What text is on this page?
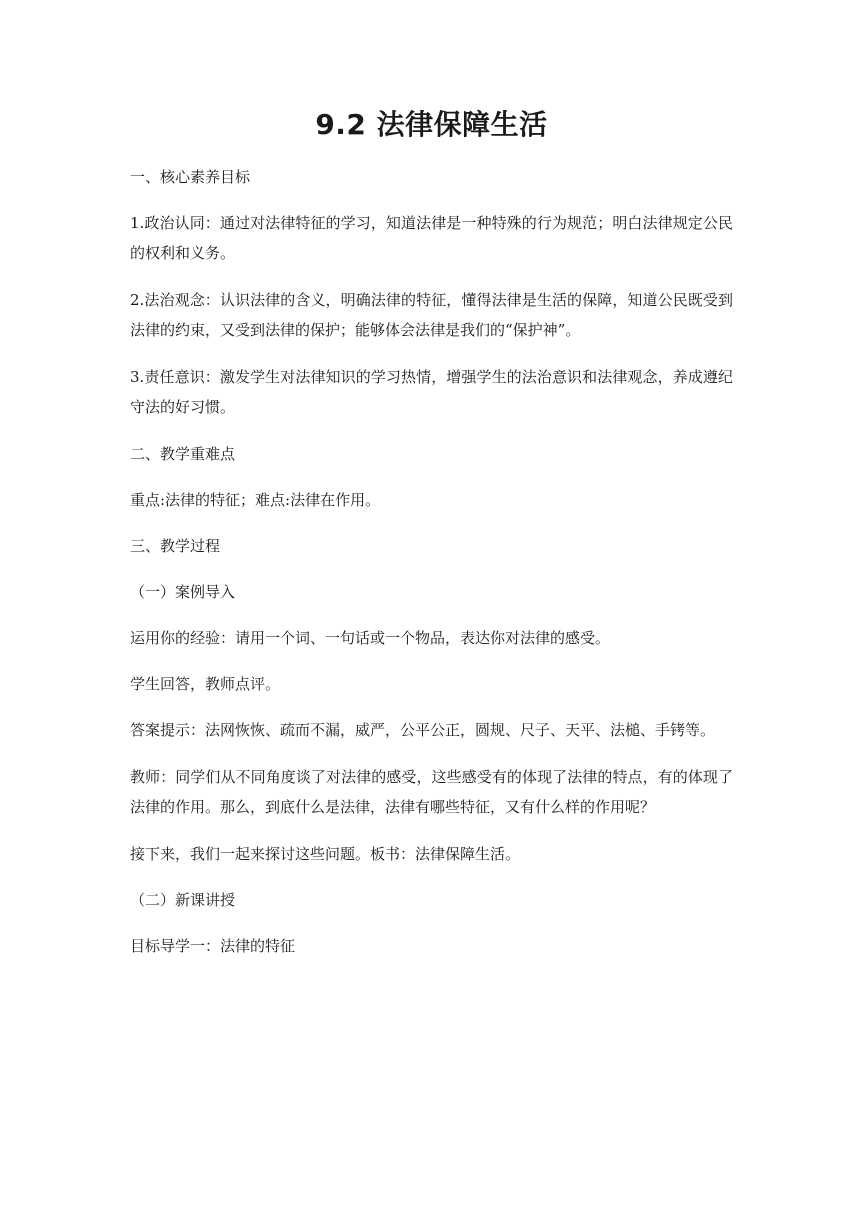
9.2 法律保障生活

一、核心素养目标

1.政治认同：通过对法律特征的学习，知道法律是一种特殊的行为规范；明白法律规定公民的权利和义务。

2.法治观念：认识法律的含义，明确法律的特征，懂得法律是生活的保障，知道公民既受到法律的约束，又受到法律的保护；能够体会法律是我们的“保护神”。

3.责任意识：激发学生对法律知识的学习热情，增强学生的法治意识和法律观念，养成遵纪守法的好习惯。

二、教学重难点

重点:法律的特征；难点:法律在作用。

三、教学过程

（一）案例导入

运用你的经验：请用一个词、一句话或一个物品，表达你对法律的感受。

学生回答，教师点评。

答案提示：法网恢恢、疏而不漏，威严，公平公正，圆规、尺子、天平、法槌、手铐等。

教师：同学们从不同角度谈了对法律的感受，这些感受有的体现了法律的特点，有的体现了法律的作用。那么，到底什么是法律，法律有哪些特征，又有什么样的作用呢？

接下来，我们一起来探讨这些问题。板书：法律保障生活。

（二）新课讲授

目标导学一：法律的特征
